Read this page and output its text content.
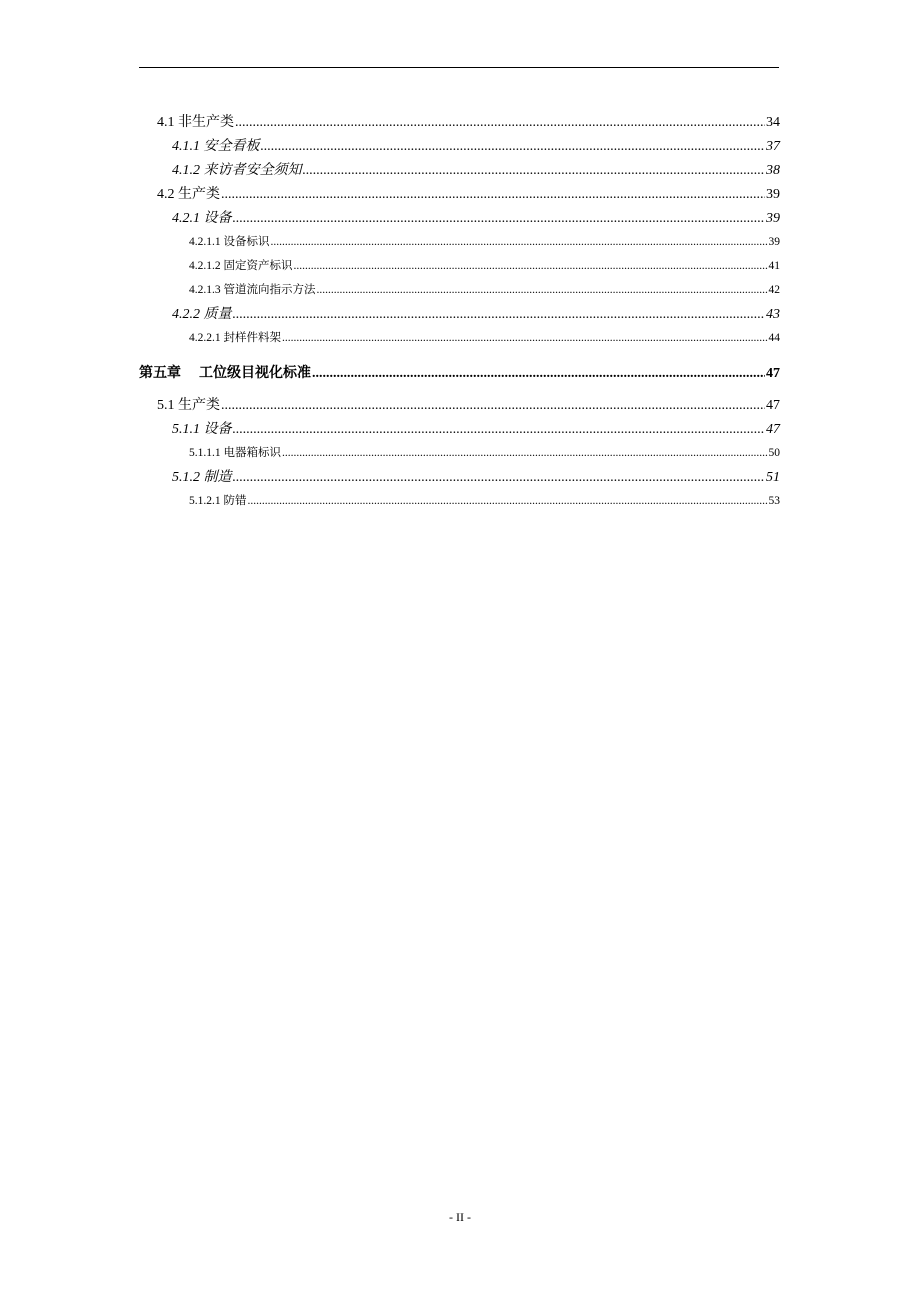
4.1 非生产类 .....	34
4.1.1 安全看板 .....	37
4.1.2 来访者安全须知 .....	38
4.2 生产类 .....	39
4.2.1 设备 .....	39
4.2.1.1 设备标识 .....	39
4.2.1.2 固定资产标识 .....	41
4.2.1.3 管道流向指示方法 .....	42
4.2.2 质量 .....	43
4.2.2.1 封样件料架 .....	44
第五章 工位级目视化标准 .....	47
5.1 生产类 .....	47
5.1.1 设备 .....	47
5.1.1.1 电器箱标识 .....	50
5.1.2 制造 .....	51
5.1.2.1 防错 .....	53
- II -
